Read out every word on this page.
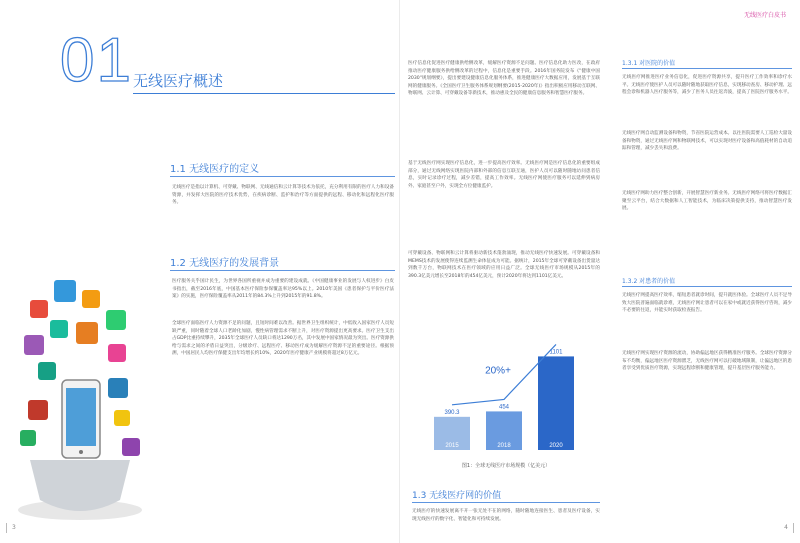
01 无线医疗概述
1.1 无线医疗的定义
无线医疗是指以计算机、可穿戴、物联网、无线通信和云计算等技术为依托，充分利用有限的医疗人力和设备资源，并发挥大医院的医疗技术优势，在疾病诊断、监护和治疗等方面提供的远程、移动化和远程化医疗服务。
1.2 无线医疗的发展背景
医疗服务关乎国计民生，为世界各国所重视并成为重要的建设成就。《中国健康事业的发展与人权进步》白皮书指出，截至2016年底，中国基本医疗保险参保覆盖率达95%以上。2010年美国《患者保护与平价医疗法案》的实施，医疗保险覆盖率从2011年的84.3%上升到2015年的91.8%。
全球医疗面临医疗人力资源不足的问题，且短时间难以改善。据世界卫生组织统计，中低收入国家医疗人员短缺严重，同时随着全球人口老龄化加剧，慢性病管理需求不断上升，对医疗资源提出更高要求。医疗卫生支出占GDP比重持续攀升，2035年全球医疗人员缺口将达1290万名，其中发展中国家情况最为突出。医疗资源供给与需求之间的矛盾日益突出，分级诊疗、远程医疗、移动医疗成为缓解医疗资源不足的重要途径。根据预测，中国居民人均医疗保健支出年均增长约10%，2020年医疗健康产业规模将超过8万亿元。
3
无线医疗白皮书
医疗信息化促进医疗健康供给侧改革，缓解医疗资源不足问题。医疗信息化助力医改，在政府推动医疗健康服务供给侧改革的过程中，信息化是重要手段。2016年国务院发布《"健康中国2030"规划纲要》，提出要建设健康信息化服务体系，推进健康医疗大数据应用，发展基于互联网的健康服务。《全国医疗卫生服务体系规划纲要(2015-2020年)》指出积极应用移动互联网、物联网、云计算、可穿戴设备等新技术，推动惠及全民的健康信息服务和智慧医疗服务。
基于无线医疗网实现医疗信息化，进一步提高医疗效率。无线医疗网是医疗信息化的重要组成部分，通过无线网络实现医院内部和外部的信息互联互通，医护人员可以随时随地访问患者信息，实时记录诊疗过程，减少差错，提高工作效率。无线医疗网使医疗服务可以延伸到病房外、家庭甚至户外，实现全方位健康监护。
可穿戴设备、物联网和云计算将驱动新技术蓬勃涌现，推动无线医疗快速发展。可穿戴设备和MEMS技术的发展使得连续监测生命体征成为可能。据统计，2015年全球可穿戴设备出货量达到数千万台，物联网技术在医疗领域的应用日益广泛。全球无线医疗市场规模从2015年的390.3亿美元增长至2018年的454亿美元，预计2020年将达到1101亿美元。
1.3.1 对医院的价值
无线医疗网推进医疗业务信息化，促进医疗资源共享，提升医疗工作效率和诊疗水平。无线医疗使医护人员可以随时随地获取医疗信息，实现移动查房、移动护理、远程会诊和机器人医疗服务等，减少了医务人员往返奔波，提高了医院医疗服务水平。
无线医疗网自动监测设备和物资，节省医院运营成本。以往医院需要人工巡检大量设备和物资，通过无线医疗网和物联网技术，可以实现对医疗设备和高值耗材的自动追踪和管理，减少丢失和浪费。
无线医疗网助力医疗整合创新，开展智慧医疗新业务。无线医疗网络可将医疗数据汇聚至云平台，结合大数据和人工智能技术，为临床决策提供支持，推动智慧医疗发展。
1.3.2 对患者的价值
无线医疗网提高医疗效率，缩短患者就诊时间，提升就医体验。全球医疗人员不足导致大医院普遍面临就诊难，无线医疗网让患者可以在家中或就近获得医疗咨询，减少不必要的往返，并能实时获取检查报告。
无线医疗网实现医疗资源的流动，协助偏远地区获得精准医疗服务。全球医疗资源分布不均衡，偏远地区医疗资源匮乏，无线医疗网可以打破地域限制，让偏远地区的患者享受到优质医疗资源，实现远程诊断和健康管理，提升基层医疗服务能力。
2015
390.3
2018
454
2020
1101
20%+
图1：全球无线医疗市场规模（亿美元）
1.3 无线医疗网的价值
无线医疗的快速发展离不开一张无处不在的网络，随时随地连接医生、患者及医疗设备，实现无线医疗的数字化、智能化和可持续发展。
4
